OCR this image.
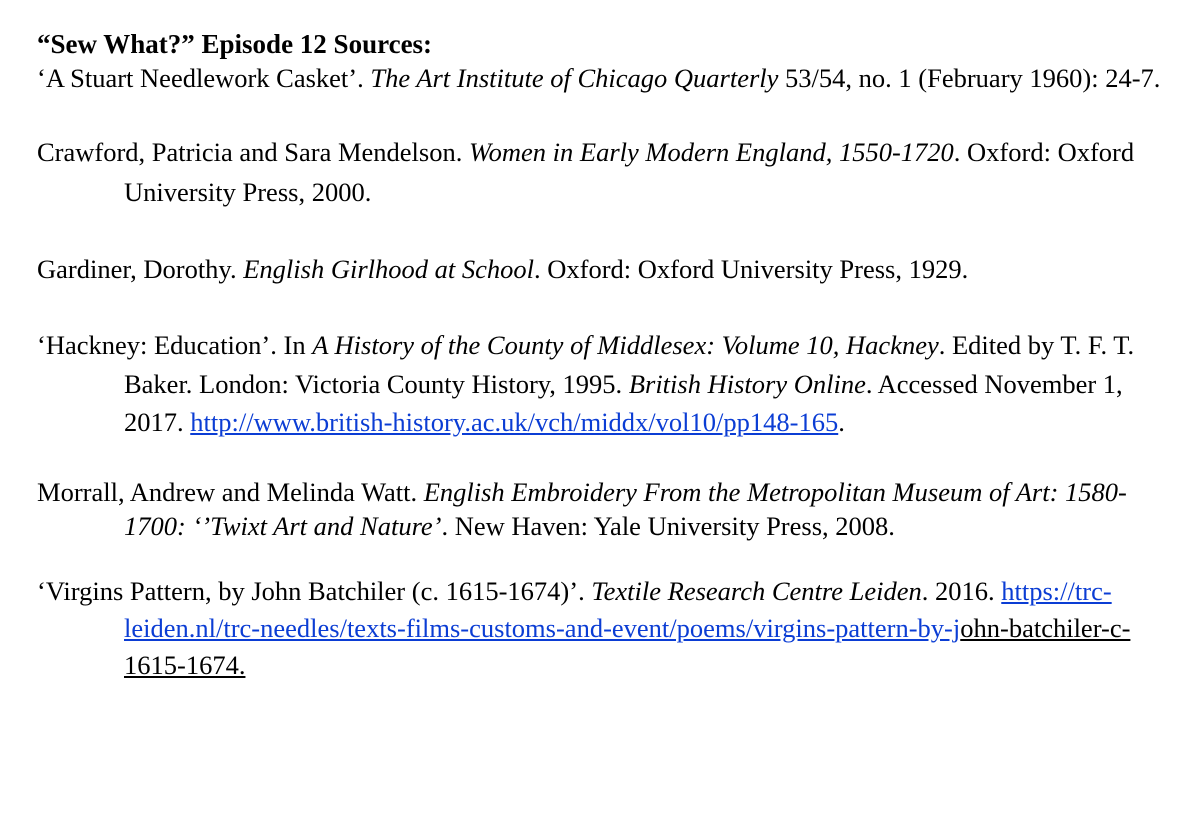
“Sew What?” Episode 12 Sources:

‘A Stuart Needlework Casket’. The Art Institute of Chicago Quarterly 53/54, no. 1 (February 1960): 24-7.

Crawford, Patricia and Sara Mendelson. Women in Early Modern England, 1550-1720. Oxford: Oxford University Press, 2000.

Gardiner, Dorothy. English Girlhood at School. Oxford: Oxford University Press, 1929.

‘Hackney: Education’. In A History of the County of Middlesex: Volume 10, Hackney. Edited by T. F. T. Baker. London: Victoria County History, 1995. British History Online. Accessed November 1, 2017. http://www.british-history.ac.uk/vch/middx/vol10/pp148-165.

Morrall, Andrew and Melinda Watt. English Embroidery From the Metropolitan Museum of Art: 1580-1700: ‘’Twixt Art and Nature’. New Haven: Yale University Press, 2008.

‘Virgins Pattern, by John Batchiler (c. 1615-1674)’. Textile Research Centre Leiden. 2016. https://trc-leiden.nl/trc-needles/texts-films-customs-and-event/poems/virgins-pattern-by-john-batchiler-c-1615-1674.
